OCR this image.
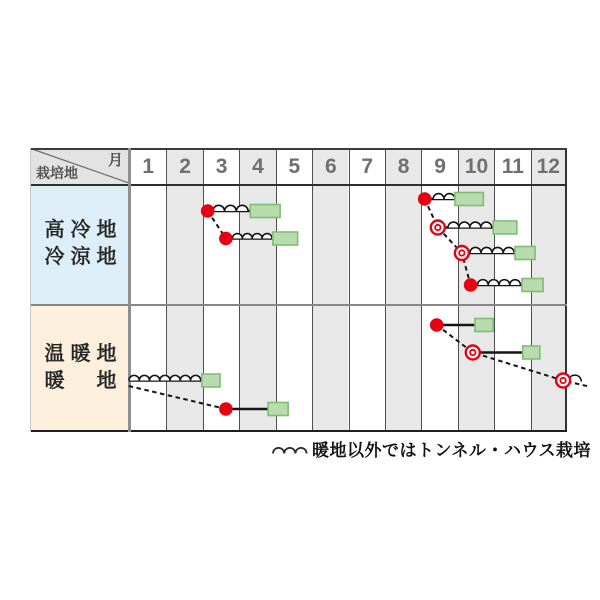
1	2	3	4	5	6	7	8	9 10 11 12
月
栽培地
高 冷 地
冷 涼 地
温 暖 地
暖 地
暖地以外ではトンネル・ハウス栽培
